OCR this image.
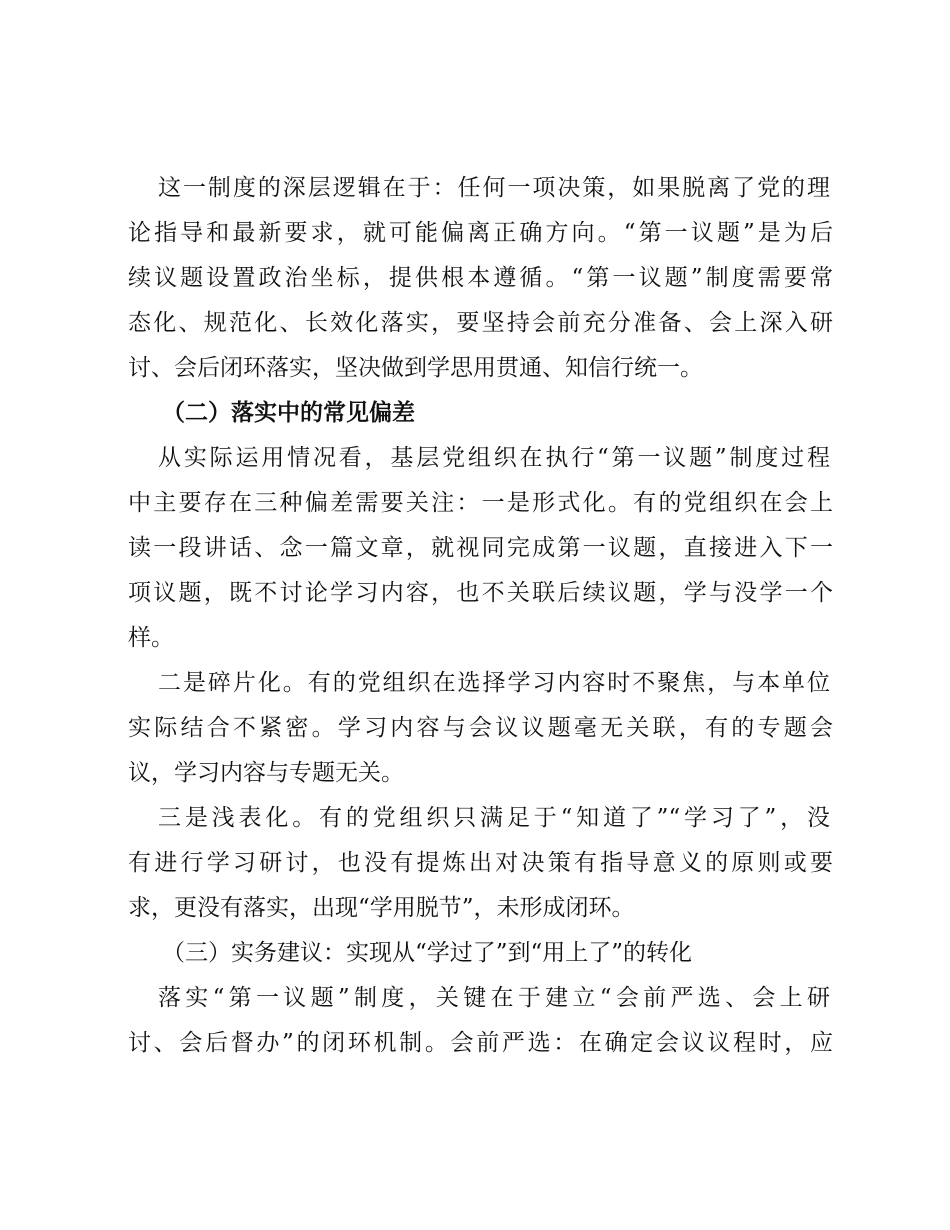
这一制度的深层逻辑在于：任何一项决策，如果脱离了党的理
论指导和最新要求，就可能偏离正确方向。“第一议题”是为后
续议题设置政治坐标，提供根本遵循。“第一议题”制度需要常
态化、规范化、长效化落实，要坚持会前充分准备、会上深入研
讨、会后闭环落实，坚决做到学思用贯通、知信行统一。
（二）落实中的常见偏差
从实际运用情况看，基层党组织在执行“第一议题”制度过程
中主要存在三种偏差需要关注：一是形式化。有的党组织在会上
读一段讲话、念一篇文章，就视同完成第一议题，直接进入下一
项议题，既不讨论学习内容，也不关联后续议题，学与没学一个
样。
二是碎片化。有的党组织在选择学习内容时不聚焦，与本单位
实际结合不紧密。学习内容与会议议题毫无关联，有的专题会
议，学习内容与专题无关。
三是浅表化。有的党组织只满足于“知道了”“学习了”，没
有进行学习研讨，也没有提炼出对决策有指导意义的原则或要
求，更没有落实，出现“学用脱节”，未形成闭环。
（三）实务建议：实现从“学过了”到“用上了”的转化
落实“第一议题”制度，关键在于建立“会前严选、会上研
讨、会后督办”的闭环机制。会前严选：在确定会议议程时，应
